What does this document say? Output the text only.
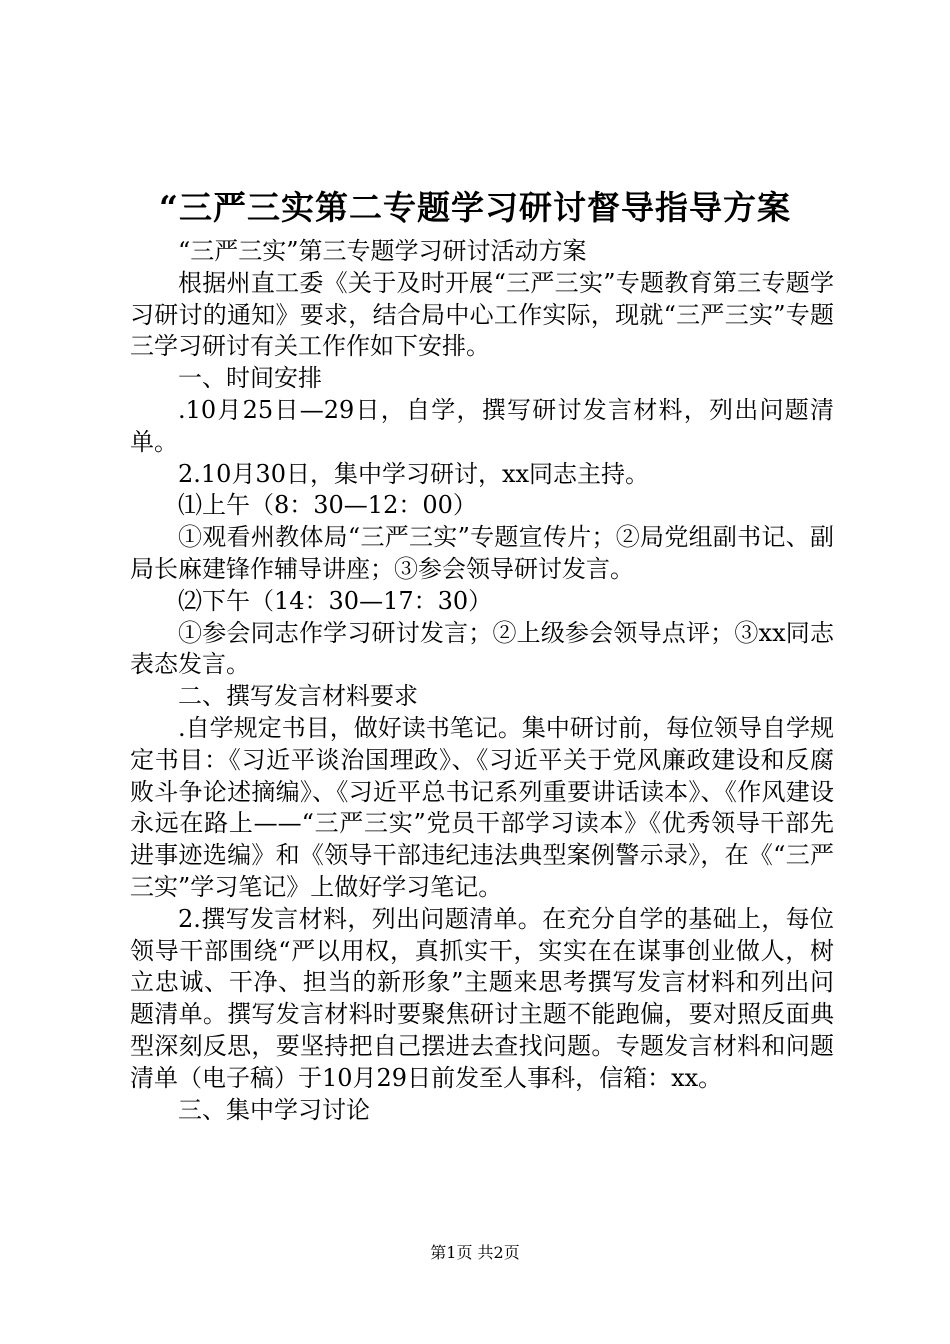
“三严三实第二专题学习研讨督导指导方案

“三严三实”第三专题学习研讨活动方案

根据州直工委《关于及时开展“三严三实”专题教育第三专题学习研讨的通知》要求，结合局中心工作实际，现就“三严三实”专题三学习研讨有关工作作如下安排。

一、时间安排

.10月25日—29日，自学，撰写研讨发言材料，列出问题清单。

2.10月30日，集中学习研讨，xx同志主持。

⑴上午（8：30—12：00）

①观看州教体局“三严三实”专题宣传片；②局党组副书记、副局长麻建锋作辅导讲座；③参会领导研讨发言。

⑵下午（14：30—17：30）

①参会同志作学习研讨发言；②上级参会领导点评；③xx同志表态发言。

二、撰写发言材料要求

.自学规定书目，做好读书笔记。集中研讨前，每位领导自学规定书目：《习近平谈治国理政》、《习近平关于党风廉政建设和反腐败斗争论述摘编》、《习近平总书记系列重要讲话读本》、《作风建设永远在路上——“三严三实”党员干部学习读本》《优秀领导干部先进事迹选编》和《领导干部违纪违法典型案例警示录》，在《“三严三实”学习笔记》上做好学习笔记。

2.撰写发言材料，列出问题清单。在充分自学的基础上，每位领导干部围绕“严以用权，真抓实干，实实在在谋事创业做人，树立忠诚、干净、担当的新形象”主题来思考撰写发言材料和列出问题清单。撰写发言材料时要聚焦研讨主题不能跑偏，要对照反面典型深刻反思，要坚持把自己摆进去查找问题。专题发言材料和问题清单（电子稿）于10月29日前发至人事科，信箱：xx。

三、集中学习讨论

第1页 共2页
